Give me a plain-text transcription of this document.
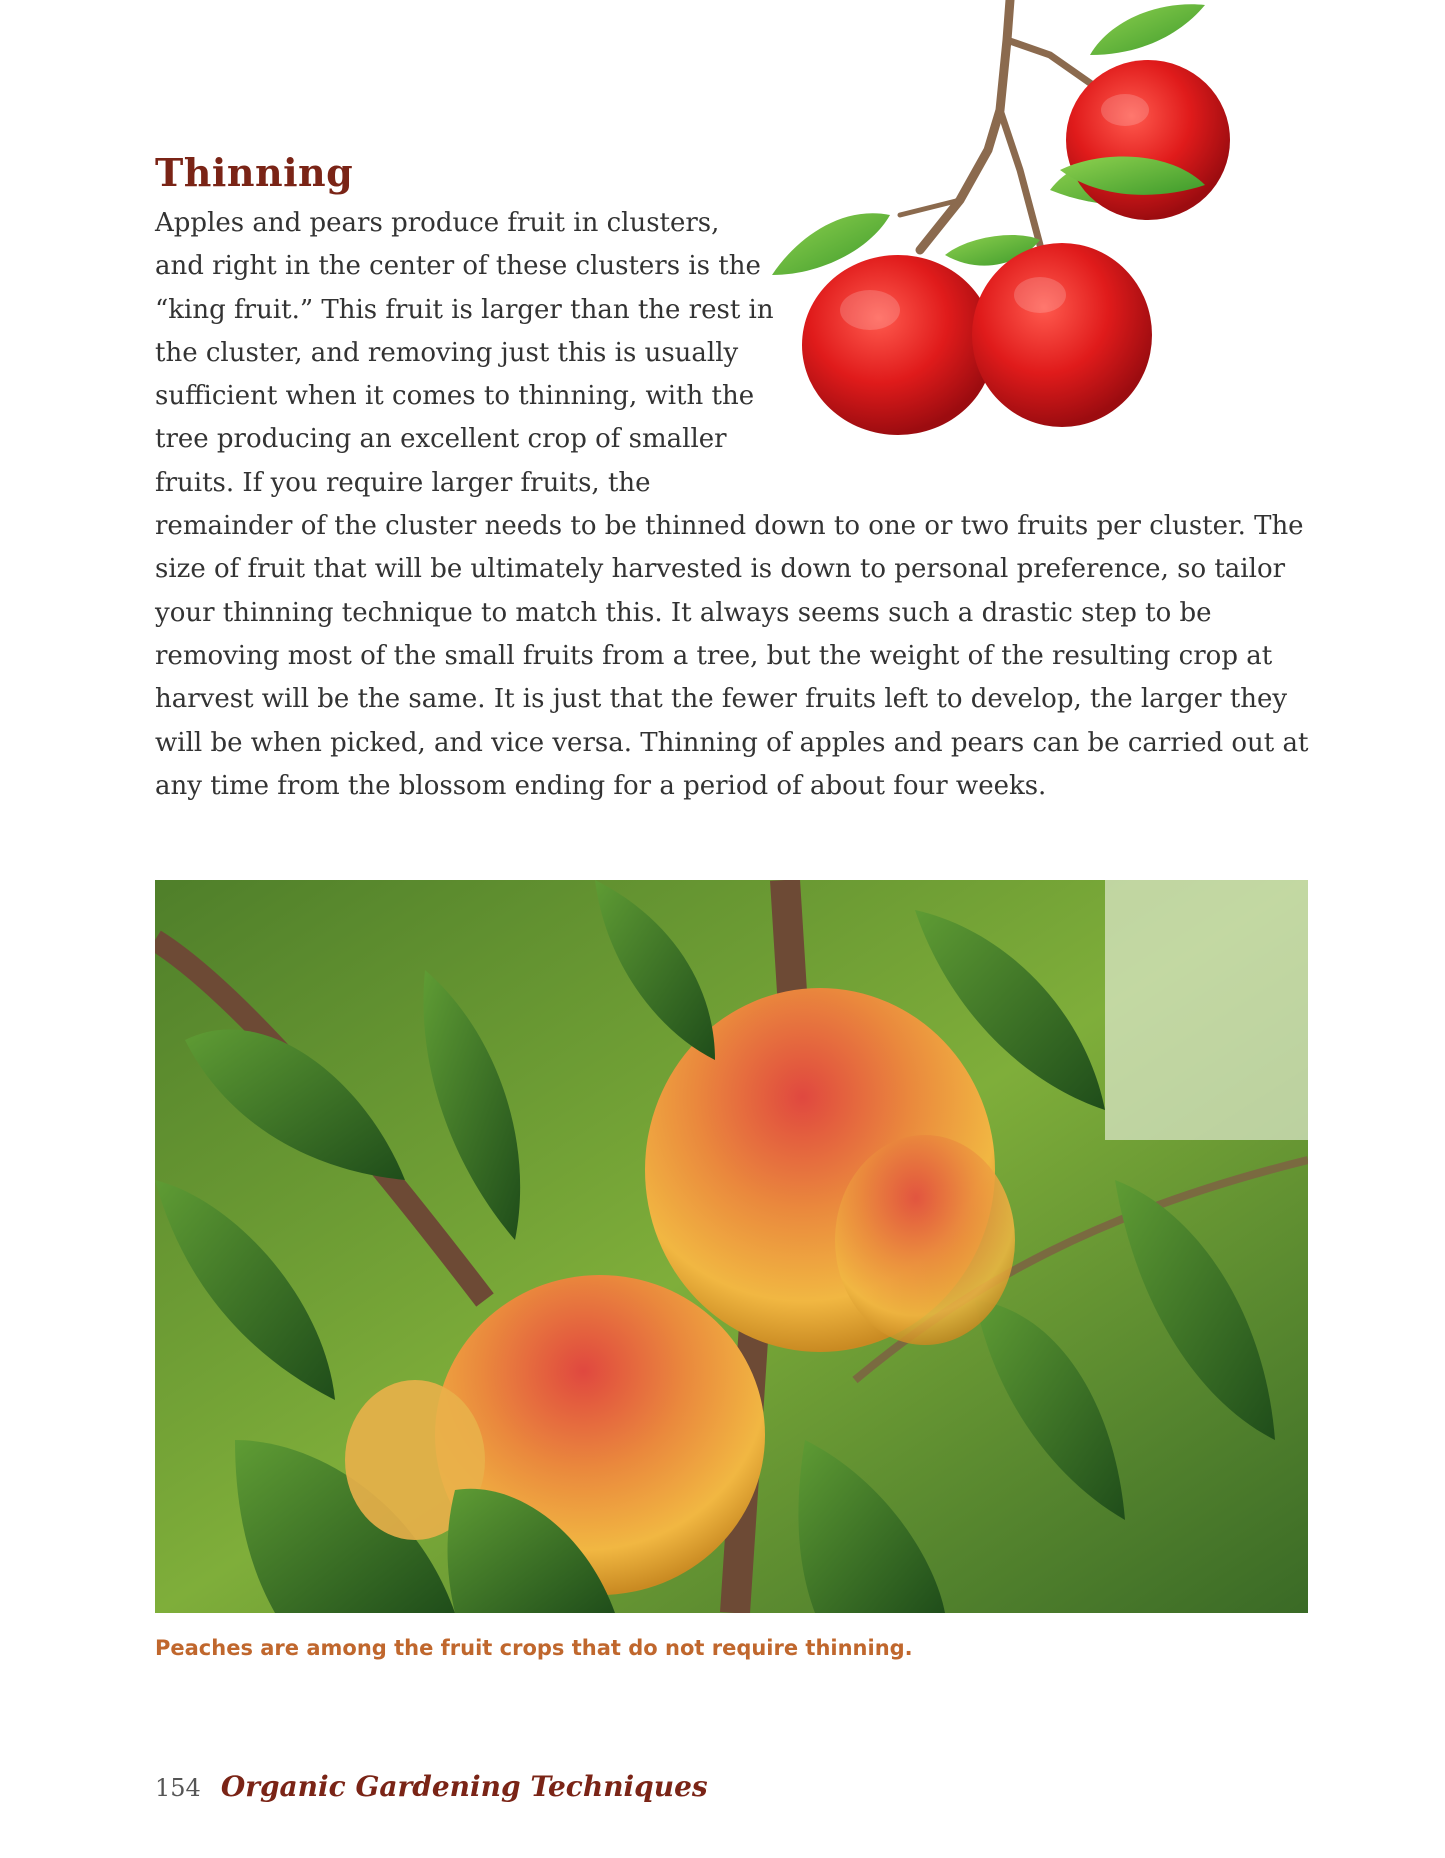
Thinning

Apples and pears produce fruit in clusters, and right in the center of these clusters is the “king fruit.” This fruit is larger than the rest in the cluster, and removing just this is usually sufficient when it comes to thinning, with the tree producing an excellent crop of smaller fruits. If you require larger fruits, the remainder of the cluster needs to be thinned down to one or two fruits per cluster. The size of fruit that will be ultimately harvested is down to personal preference, so tailor your thinning technique to match this. It always seems such a drastic step to be removing most of the small fruits from a tree, but the weight of the resulting crop at harvest will be the same. It is just that the fewer fruits left to develop, the larger they will be when picked, and vice versa. Thinning of apples and pears can be carried out at any time from the blossom ending for a period of about four weeks.

Peaches are among the fruit crops that do not require thinning.

154 Organic Gardening Techniques
